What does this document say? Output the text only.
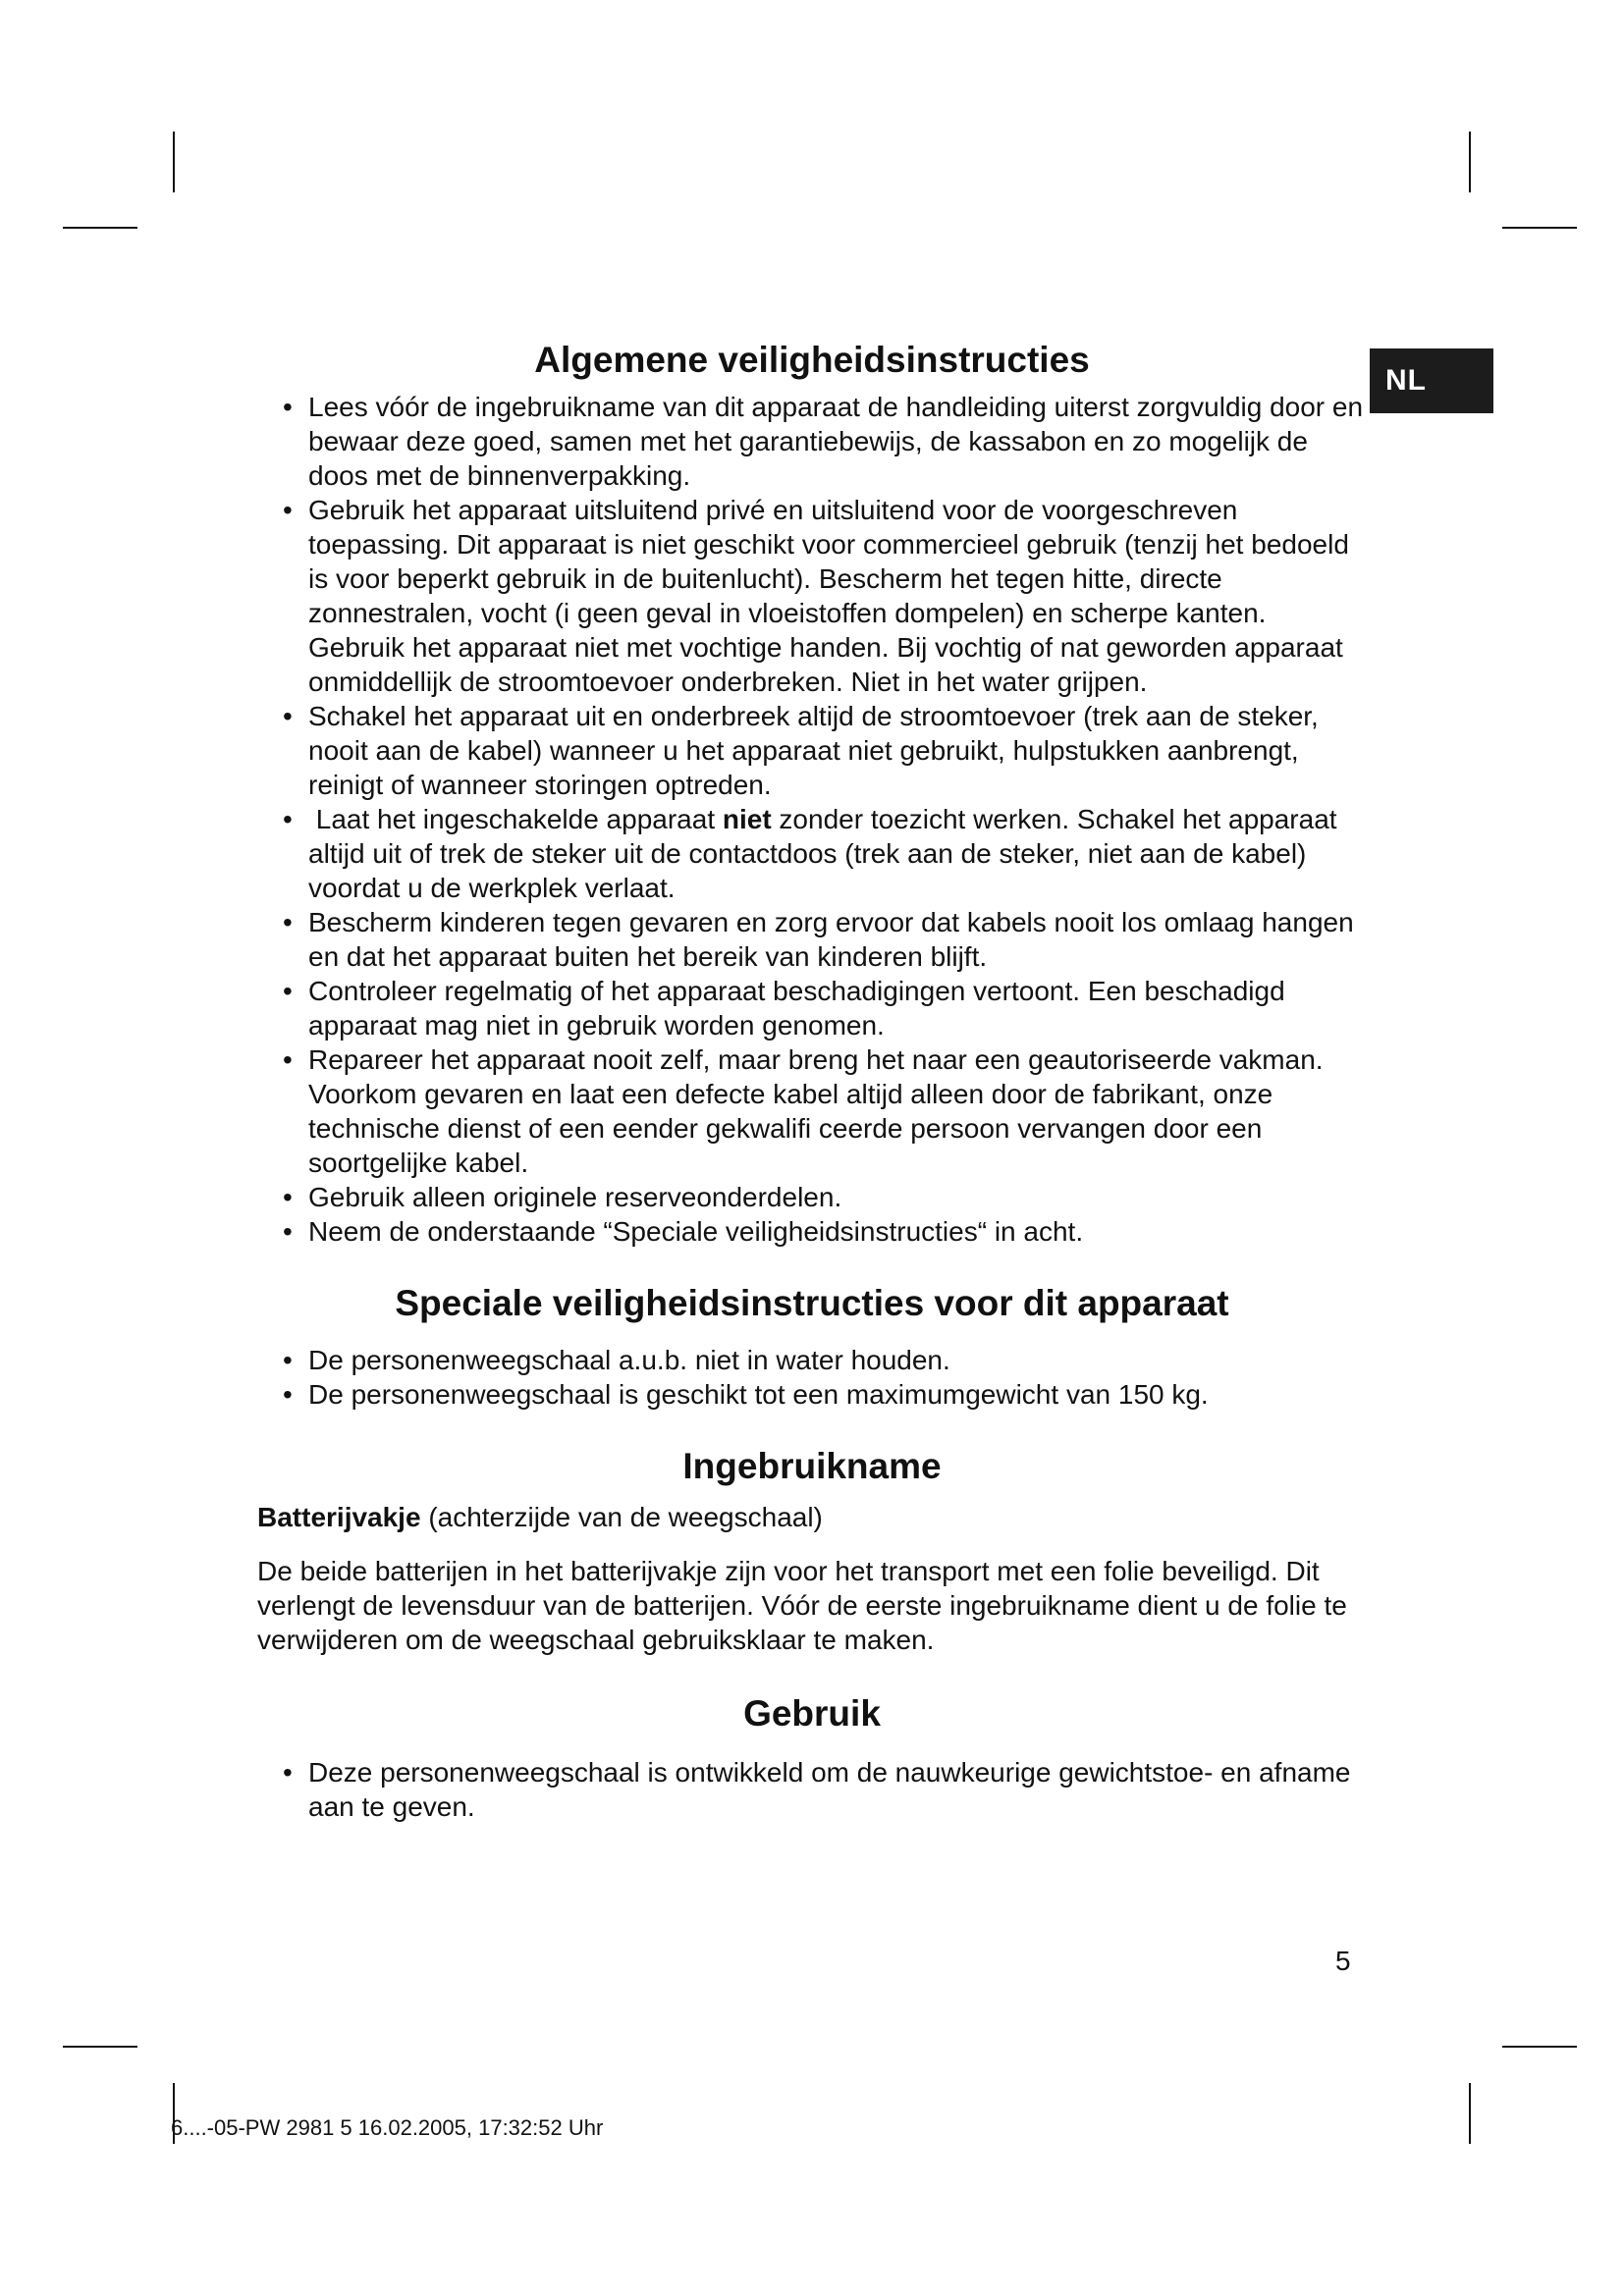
NL
Algemene veiligheidsinstructies
• Lees vóór de ingebruikname van dit apparaat de handleiding uiterst zorgvuldig door en bewaar deze goed, samen met het garantiebewijs, de kassabon en zo mogelijk de doos met de binnenverpakking.
• Gebruik het apparaat uitsluitend privé en uitsluitend voor de voorgeschreven toepassing. Dit apparaat is niet geschikt voor commercieel gebruik (tenzij het bedoeld is voor beperkt gebruik in de buitenlucht). Bescherm het tegen hitte, directe zonnestralen, vocht (i geen geval in vloeistoffen dompelen) en scherpe kanten. Gebruik het apparaat niet met vochtige handen. Bij vochtig of nat geworden apparaat onmiddellijk de stroomtoevoer onderbreken. Niet in het water grijpen.
• Schakel het apparaat uit en onderbreek altijd de stroomtoevoer (trek aan de steker, nooit aan de kabel) wanneer u het apparaat niet gebruikt, hulpstukken aanbrengt, reinigt of wanneer storingen optreden.
• Laat het ingeschakelde apparaat niet zonder toezicht werken. Schakel het apparaat altijd uit of trek de steker uit de contactdoos (trek aan de steker, niet aan de kabel) voordat u de werkplek verlaat.
• Bescherm kinderen tegen gevaren en zorg ervoor dat kabels nooit los omlaag hangen en dat het apparaat buiten het bereik van kinderen blijft.
• Controleer regelmatig of het apparaat beschadigingen vertoont. Een beschadigd apparaat mag niet in gebruik worden genomen.
• Repareer het apparaat nooit zelf, maar breng het naar een geautoriseerde vakman. Voorkom gevaren en laat een defecte kabel altijd alleen door de fabrikant, onze technische dienst of een eender gekwalifi ceerde persoon vervangen door een soortgelijke kabel.
• Gebruik alleen originele reserveonderdelen.
• Neem de onderstaande “Speciale veiligheidsinstructies“ in acht.
Speciale veiligheidsinstructies voor dit apparaat
• De personenweegschaal a.u.b. niet in water houden.
• De personenweegschaal is geschikt tot een maximumgewicht van 150 kg.
Ingebruikname

Batterijvakje (achterzijde van de weegschaal)

De beide batterijen in het batterijvakje zijn voor het transport met een folie beveiligd. Dit verlengt de levensduur van de batterijen. Vóór de eerste ingebruikname dient u de folie te verwijderen om de weegschaal gebruiksklaar te maken.

Gebruik
• Deze personenweegschaal is ontwikkeld om de nauwkeurige gewichtstoe- en afname aan te geven.
5
6....-05-PW 2981 5 16.02.2005, 17:32:52 Uhr
